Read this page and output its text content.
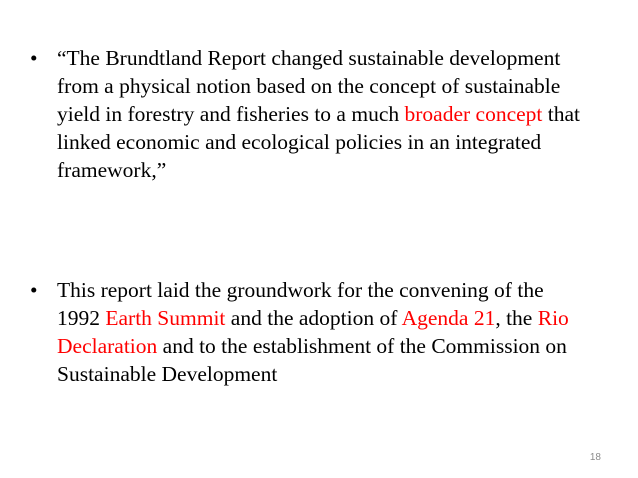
• “The Brundtland Report changed sustainable development from a physical notion based on the concept of sustainable yield in forestry and fisheries to a much broader concept that linked economic and ecological policies in an integrated framework,”
• This report laid the groundwork for the convening of the 1992 Earth Summit and the adoption of Agenda 21, the Rio Declaration and to the establishment of the Commission on Sustainable Development
18
